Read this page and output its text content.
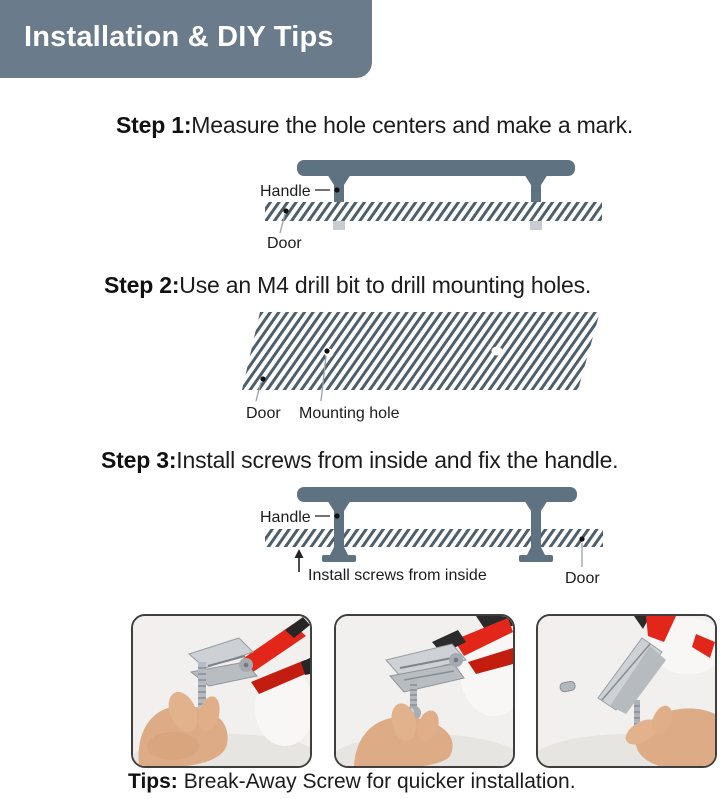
Installation & DIY Tips
Step 1:Measure the hole centers and make a mark.
Handle
Door
Step 2:Use an M4 drill bit to drill mounting holes.
Door Mounting hole
Step 3:Install screws from inside and fix the handle.
Handle
Install screws from inside	Door
Tips: Break-Away Screw for quicker installation.
